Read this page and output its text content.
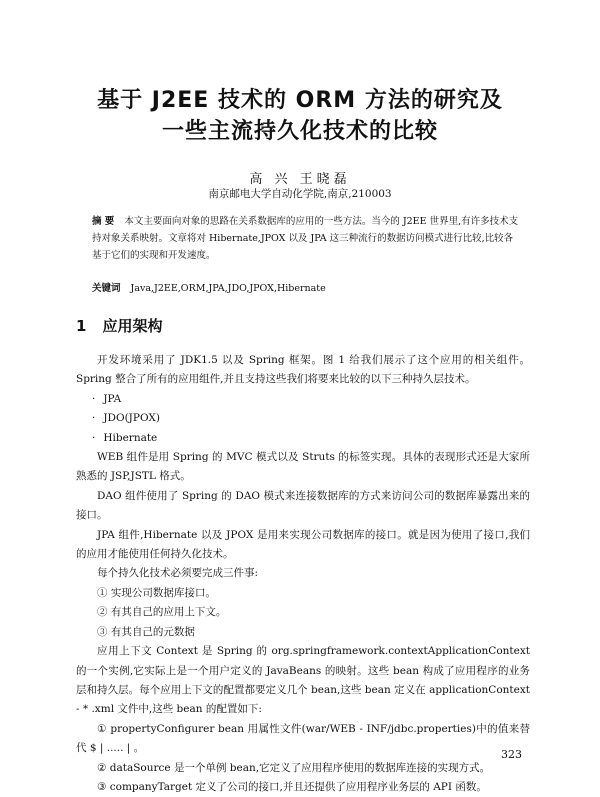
基于 J2EE 技术的 ORM 方法的研究及
一些主流持久化技术的比较
高 兴 王晓磊
南京邮电大学自动化学院,南京,210003
摘 要 本文主要面向对象的思路在关系数据库的应用的一些方法。当今的 J2EE 世界里,有许多技术支持对象关系映射。文章将对 Hibernate,JPOX 以及 JPA 这三种流行的数据访问模式进行比较,比较各基于它们的实现和开发速度。
关键词 Java,J2EE,ORM,JPA,JDO,JPOX,Hibernate
1 应用架构

开发环境采用了 JDK1.5 以及 Spring 框架。图 1 给我们展示了这个应用的相关组件。Spring 整合了所有的应用组件,并且支持这些我们将要来比较的以下三种持久层技术。

· JPA

· JDO(JPOX)

· Hibernate

WEB 组件是用 Spring 的 MVC 模式以及 Struts 的标签实现。具体的表现形式还是大家所熟悉的 JSP,JSTL 格式。

DAO 组件使用了 Spring 的 DAO 模式来连接数据库的方式来访问公司的数据库暴露出来的接口。

JPA 组件,Hibernate 以及 JPOX 是用来实现公司数据库的接口。就是因为使用了接口,我们的应用才能使用任何持久化技术。

每个持久化技术必须要完成三件事:

① 实现公司数据库接口。

② 有其自己的应用上下文。

③ 有其自己的元数据

应用上下文 Context 是 Spring 的 org.springframework.contextApplicationContext 的一个实例,它实际上是一个用户定义的 JavaBeans 的映射。这些 bean 构成了应用程序的业务层和持久层。每个应用上下文的配置都要定义几个 bean,这些 bean 定义在 applicationContext - * .xml 文件中,这些 bean 的配置如下:

① propertyConfigurer bean 用属性文件(war/WEB - INF/jdbc.properties)中的值来替代 $ | ..... | 。

② dataSource 是一个单例 bean,它定义了应用程序使用的数据库连接的实现方式。

③ companyTarget 定义了公司的接口,并且还提供了应用程序业务层的 API 函数。

323
